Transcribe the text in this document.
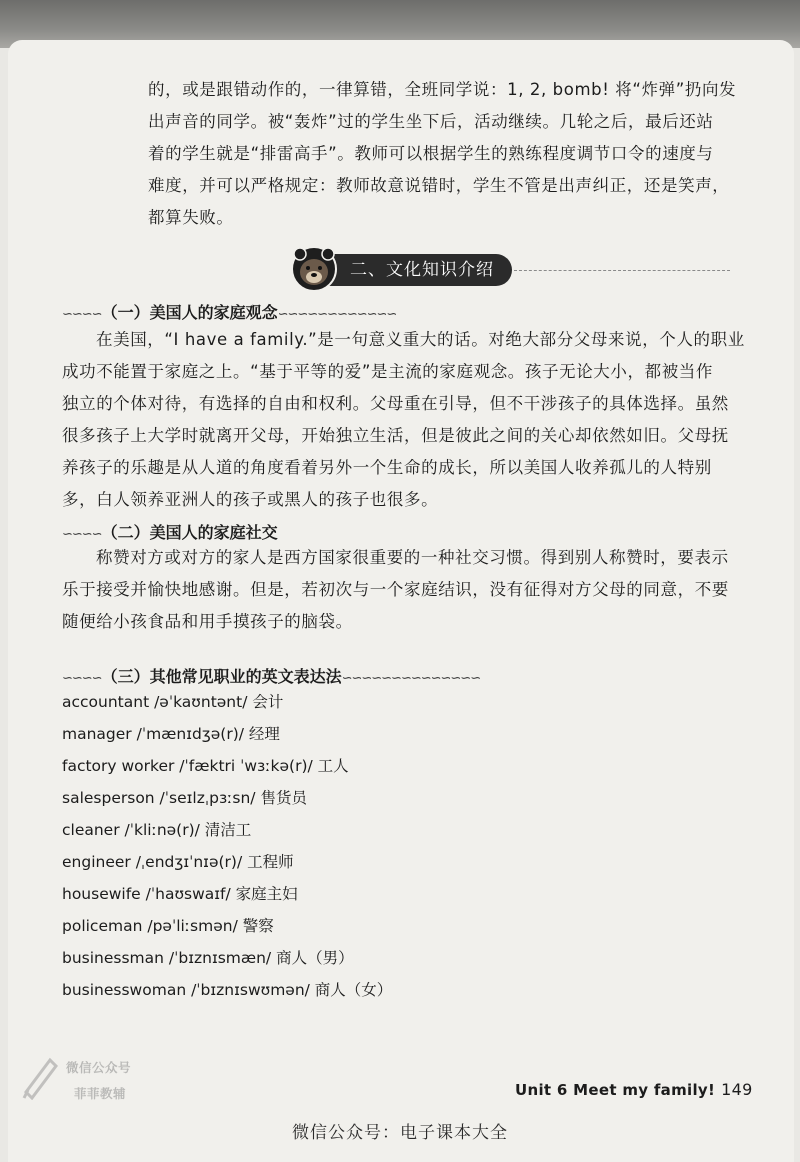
的，或是跟错动作的，一律算错，全班同学说：1, 2, bomb! 将“炸弹”扔向发
出声音的同学。被“轰炸”过的学生坐下后，活动继续。几轮之后，最后还站
着的学生就是“排雷高手”。教师可以根据学生的熟练程度调节口令的速度与
难度，并可以严格规定：教师故意说错时，学生不管是出声纠正，还是笑声，
都算失败。
二、文化知识介绍
∽∽∽∽（一）美国人的家庭观念∽∽∽∽∽∽∽∽∽∽∽∽
在美国，“I have a family.”是一句意义重大的话。对绝大部分父母来说，个人的职业
成功不能置于家庭之上。“基于平等的爱”是主流的家庭观念。孩子无论大小，都被当作
独立的个体对待，有选择的自由和权利。父母重在引导，但不干涉孩子的具体选择。虽然
很多孩子上大学时就离开父母，开始独立生活，但是彼此之间的关心却依然如旧。父母抚
养孩子的乐趣是从人道的角度看着另外一个生命的成长，所以美国人收养孤儿的人特别
多，白人领养亚洲人的孩子或黑人的孩子也很多。
∽∽∽∽（二）美国人的家庭社交
称赞对方或对方的家人是西方国家很重要的一种社交习惯。得到别人称赞时，要表示
乐于接受并愉快地感谢。但是，若初次与一个家庭结识，没有征得对方父母的同意，不要
随便给小孩食品和用手摸孩子的脑袋。
∽∽∽∽（三）其他常见职业的英文表达法∽∽∽∽∽∽∽∽∽∽∽∽∽∽
accountant /əˈkaʊntənt/ 会计
manager /ˈmænɪdʒə(r)/ 经理
factory worker /ˈfæktri ˈwɜːkə(r)/ 工人
salesperson /ˈseɪlzˌpɜːsn/ 售货员
cleaner /ˈkliːnə(r)/ 清洁工
engineer /ˌendʒɪˈnɪə(r)/ 工程师
housewife /ˈhaʊswaɪf/ 家庭主妇
policeman /pəˈliːsmən/ 警察
businessman /ˈbɪznɪsmæn/ 商人（男）
businesswoman /ˈbɪznɪswʊmən/ 商人（女）
Unit 6 Meet my family! 149
微信公众号
菲菲教辅
微信公众号：电子课本大全
